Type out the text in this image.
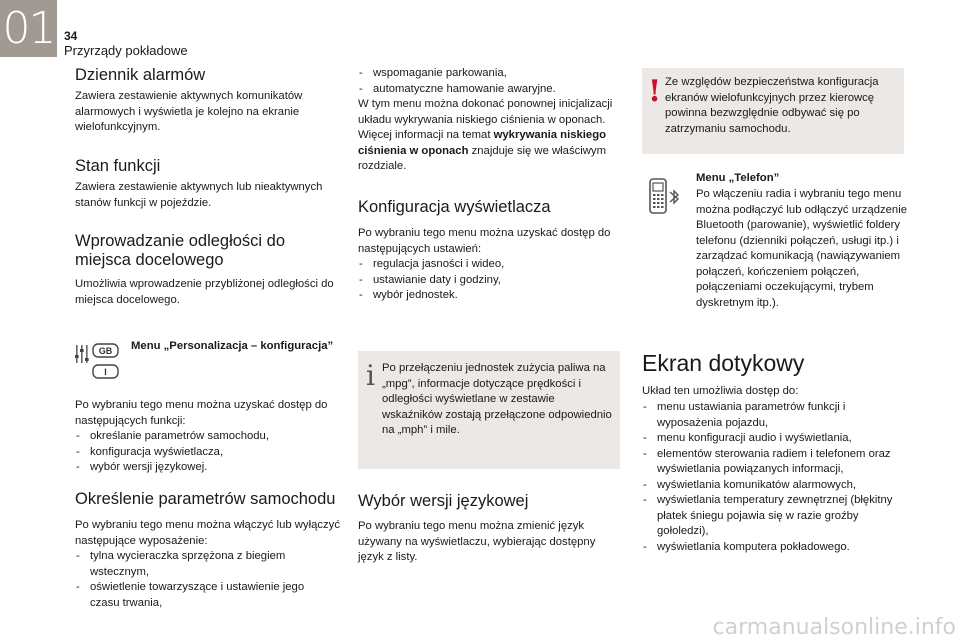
01 34
Przyrządy pokładowe
Dziennik alarmów

Zawiera zestawienie aktywnych komunikatów alarmowych i wyświetla je kolejno na ekranie wielofunkcyjnym.

Stan funkcji

Zawiera zestawienie aktywnych lub nieaktywnych stanów funkcji w pojeździe.

Wprowadzanie odległości do miejsca docelowego

Umożliwia wprowadzenie przybliżonej odległości do miejsca docelowego.

GB
I
Menu „Personalizacja – konfiguracja”

Po wybraniu tego menu można uzyskać dostęp do następujących funkcji:

- określanie parametrów samochodu,
- konfiguracja wyświetlacza,
- wybór wersji językowej.
Określenie parametrów samochodu

Po wybraniu tego menu można włączyć lub wyłączyć następujące wyposażenie:

- tylna wycieraczka sprzężona z biegiem wstecznym,
- oświetlenie towarzyszące i ustawienie jego czasu trwania,
- wspomaganie parkowania,
- automatyczne hamowanie awaryjne.

W tym menu można dokonać ponownej inicjalizacji układu wykrywania niskiego ciśnienia w oponach. Więcej informacji na temat wykrywania niskiego ciśnienia w oponach znajduje się we właściwym rozdziale.

Konfiguracja wyświetlacza

Po wybraniu tego menu można uzyskać dostęp do następujących ustawień:

- regulacja jasności i wideo,
- ustawianie daty i godziny,
- wybór jednostek.
i Po przełączeniu jednostek zużycia paliwa na „mpg”, informacje dotyczące prędkości i odległości wyświetlane w zestawie wskaźników zostają przełączone odpowiednio na „mph” i mile.

Wybór wersji językowej

Po wybraniu tego menu można zmienić język używany na wyświetlaczu, wybierając dostępny język z listy.

! Ze względów bezpieczeństwa konfiguracja ekranów wielofunkcyjnych przez kierowcę powinna bezwzględnie odbywać się po zatrzymaniu samochodu.

Menu „Telefon”

Po włączeniu radia i wybraniu tego menu można podłączyć lub odłączyć urządzenie Bluetooth (parowanie), wyświetlić foldery telefonu (dzienniki połączeń, usługi itp.) i zarządzać komunikacją (nawiązywaniem połączeń, kończeniem połączeń, połączeniami oczekującymi, trybem dyskretnym itp.).

Ekran dotykowy

Układ ten umożliwia dostęp do:

- menu ustawiania parametrów funkcji i wyposażenia pojazdu,
- menu konfiguracji audio i wyświetlania,
- elementów sterowania radiem i telefonem oraz wyświetlania powiązanych informacji,
- wyświetlania komunikatów alarmowych,
- wyświetlania temperatury zewnętrznej (błękitny płatek śniegu pojawia się w razie groźby gołoledzi),
- wyświetlania komputera pokładowego.
carmanualsonline.info
